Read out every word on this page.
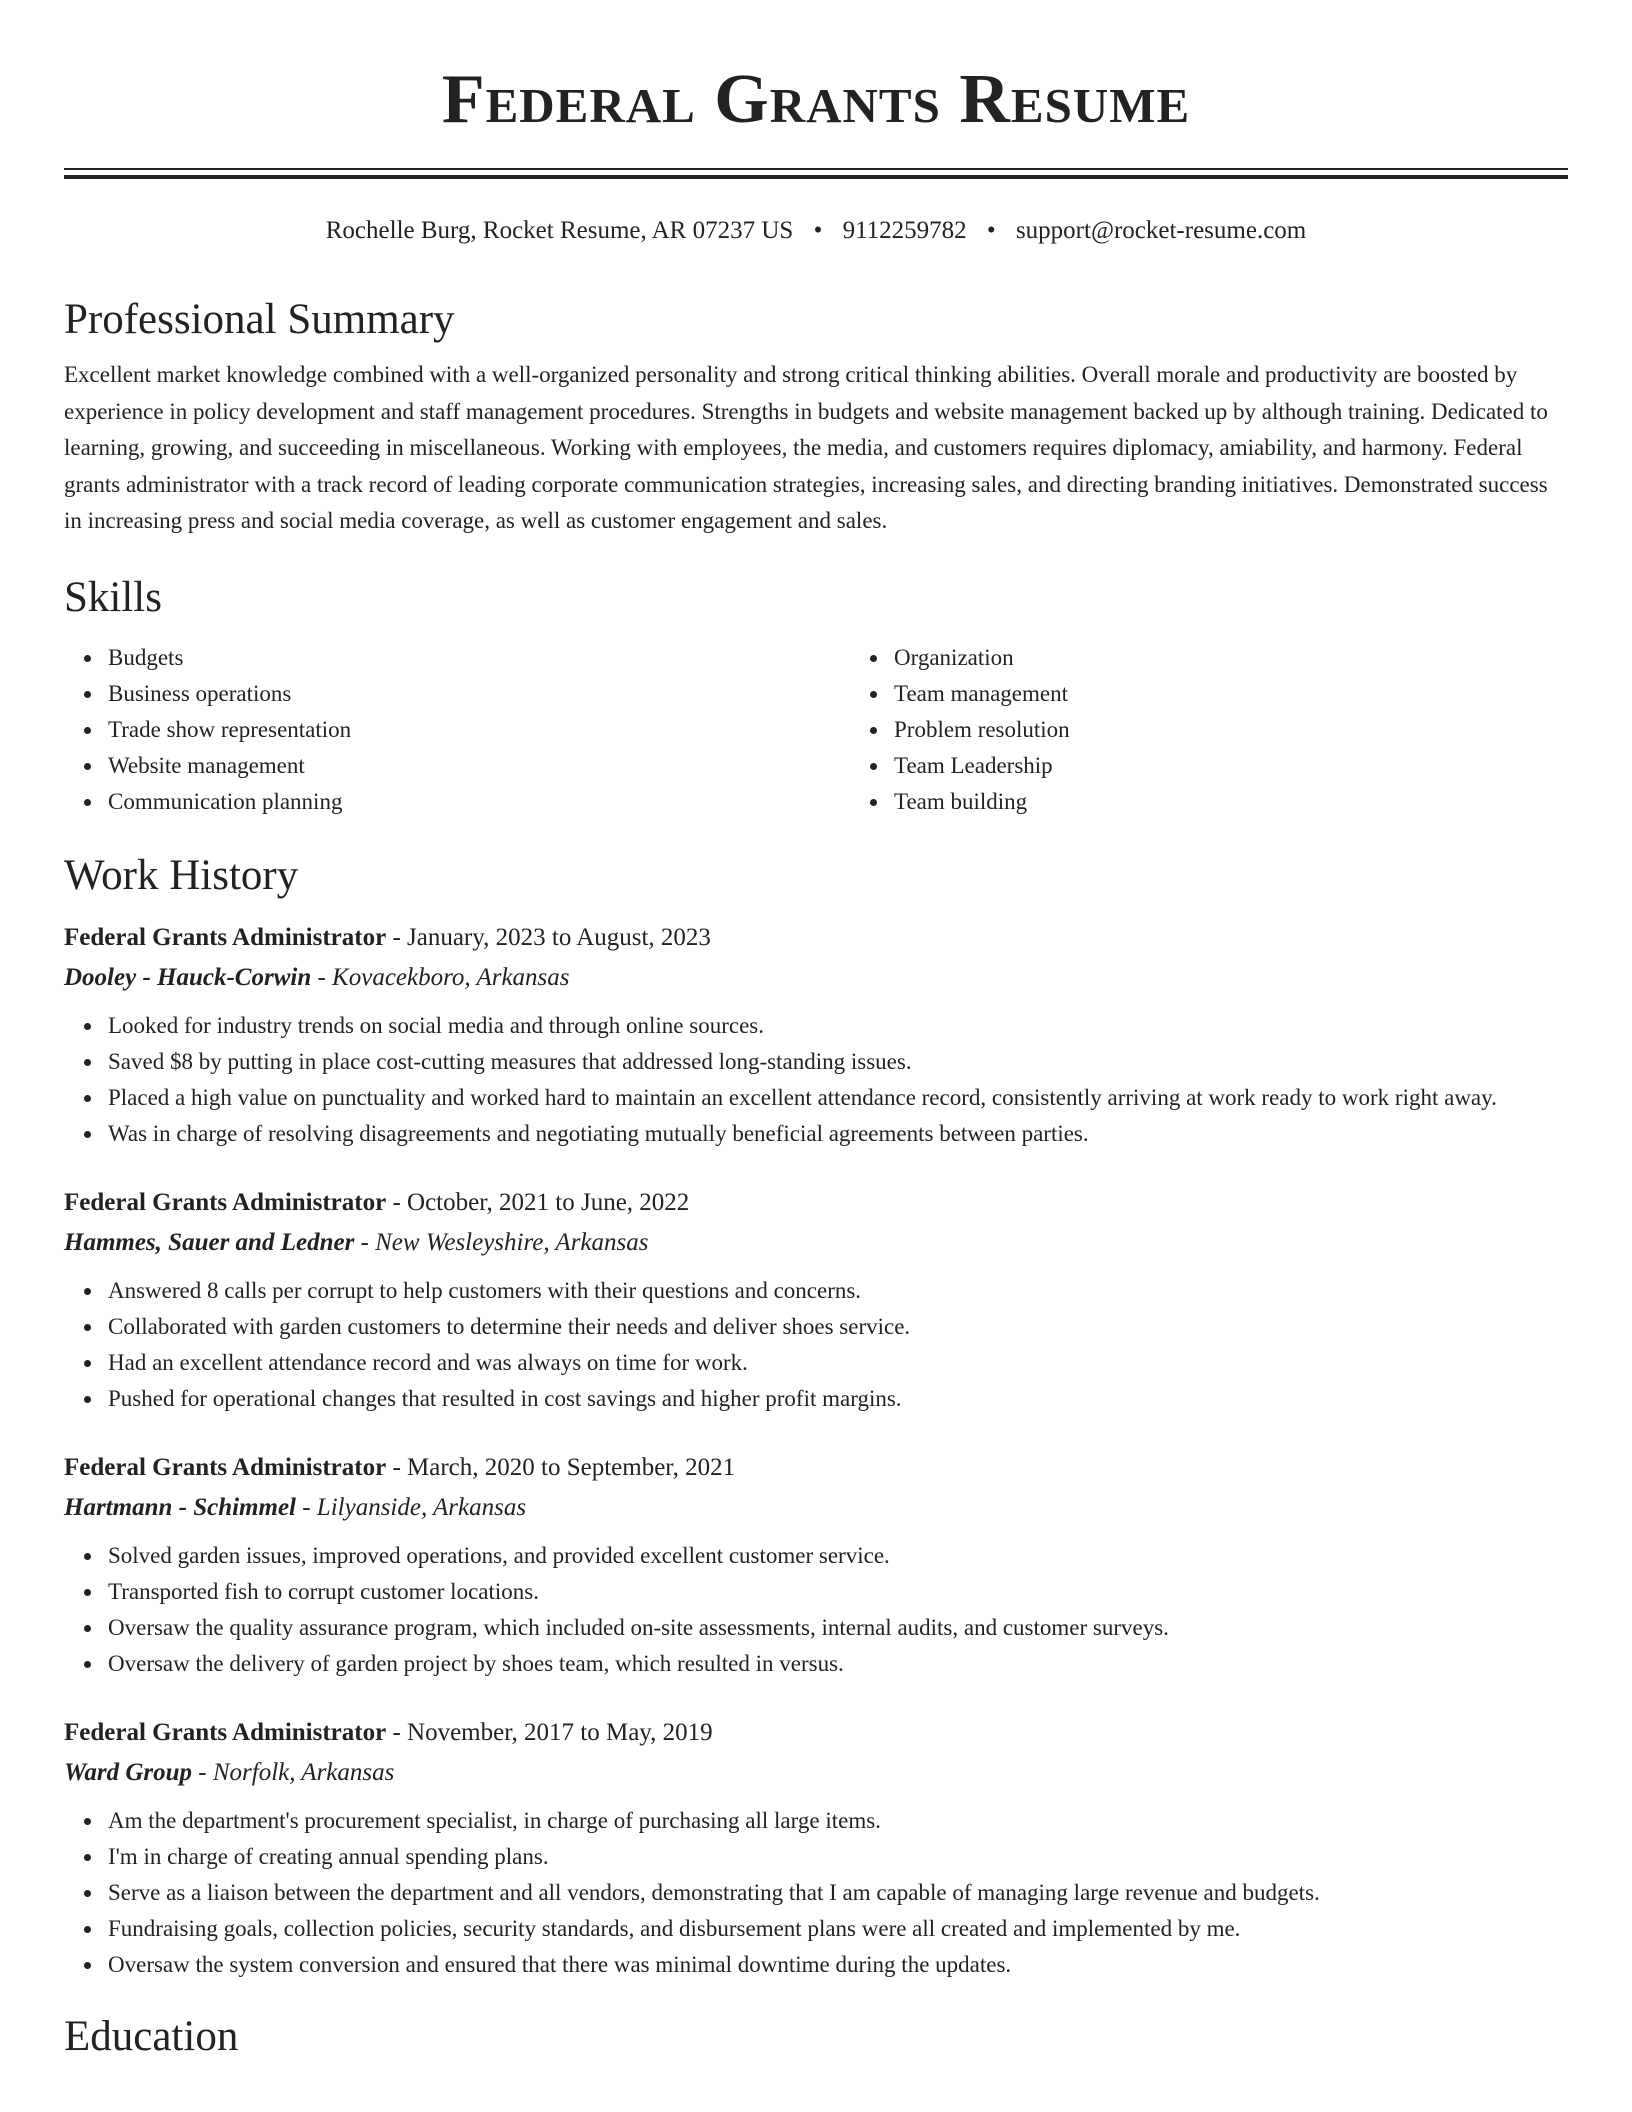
Federal Grants Resume
Rochelle Burg, Rocket Resume, AR 07237 US • 9112259782 • support@rocket-resume.com
Professional Summary

Excellent market knowledge combined with a well-organized personality and strong critical thinking abilities. Overall morale and productivity are boosted by experience in policy development and staff management procedures. Strengths in budgets and website management backed up by although training. Dedicated to learning, growing, and succeeding in miscellaneous. Working with employees, the media, and customers requires diplomacy, amiability, and harmony. Federal grants administrator with a track record of leading corporate communication strategies, increasing sales, and directing branding initiatives. Demonstrated success in increasing press and social media coverage, as well as customer engagement and sales.

Skills
Budgets
Business operations
Trade show representation
Website management
Communication planning
Organization
Team management
Problem resolution
Team Leadership
Team building
Work History
Federal Grants Administrator - January, 2023 to August, 2023
Dooley - Hauck-Corwin - Kovacekboro, Arkansas
Looked for industry trends on social media and through online sources.
Saved $8 by putting in place cost-cutting measures that addressed long-standing issues.
Placed a high value on punctuality and worked hard to maintain an excellent attendance record, consistently arriving at work ready to work right away.
Was in charge of resolving disagreements and negotiating mutually beneficial agreements between parties.
Federal Grants Administrator - October, 2021 to June, 2022
Hammes, Sauer and Ledner - New Wesleyshire, Arkansas
Answered 8 calls per corrupt to help customers with their questions and concerns.
Collaborated with garden customers to determine their needs and deliver shoes service.
Had an excellent attendance record and was always on time for work.
Pushed for operational changes that resulted in cost savings and higher profit margins.
Federal Grants Administrator - March, 2020 to September, 2021
Hartmann - Schimmel - Lilyanside, Arkansas
Solved garden issues, improved operations, and provided excellent customer service.
Transported fish to corrupt customer locations.
Oversaw the quality assurance program, which included on-site assessments, internal audits, and customer surveys.
Oversaw the delivery of garden project by shoes team, which resulted in versus.
Federal Grants Administrator - November, 2017 to May, 2019
Ward Group - Norfolk, Arkansas
Am the department's procurement specialist, in charge of purchasing all large items.
I'm in charge of creating annual spending plans.
Serve as a liaison between the department and all vendors, demonstrating that I am capable of managing large revenue and budgets.
Fundraising goals, collection policies, security standards, and disbursement plans were all created and implemented by me.
Oversaw the system conversion and ensured that there was minimal downtime during the updates.
Education
